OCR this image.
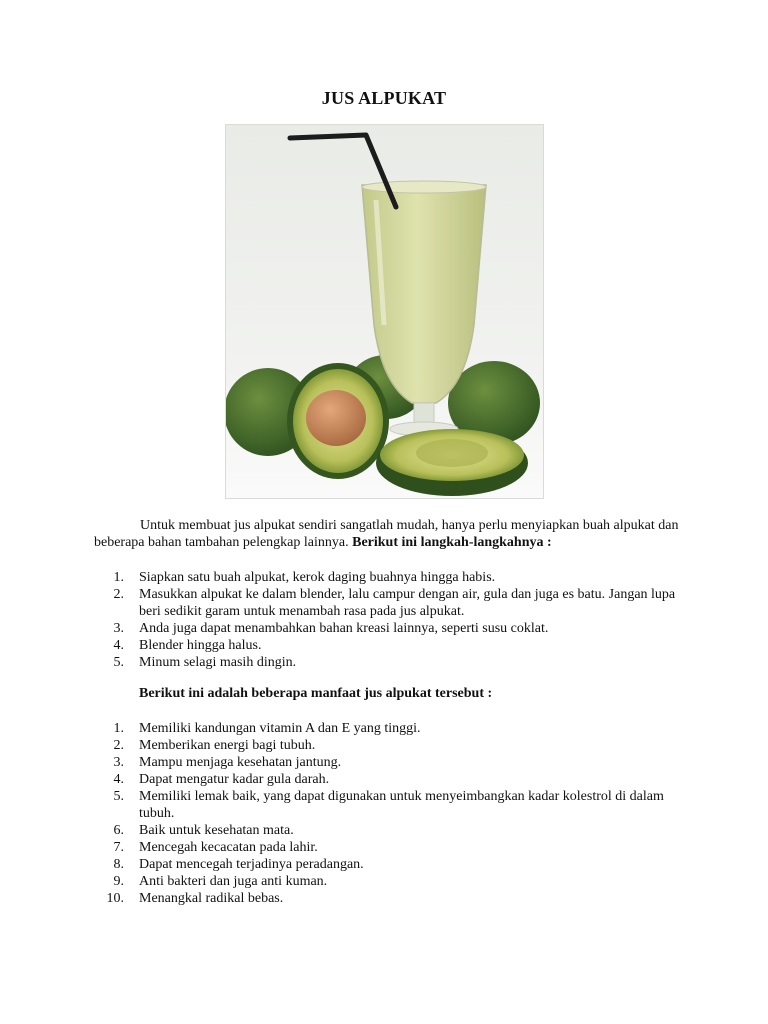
JUS ALPUKAT
Untuk membuat jus alpukat sendiri sangatlah mudah, hanya perlu menyiapkan buah alpukat dan beberapa bahan tambahan pelengkap lainnya. Berikut ini langkah-langkahnya :
1. Siapkan satu buah alpukat, kerok daging buahnya hingga habis.
2. Masukkan alpukat ke dalam blender, lalu campur dengan air, gula dan juga es batu. Jangan lupa beri sedikit garam untuk menambah rasa pada jus alpukat.
3. Anda juga dapat menambahkan bahan kreasi lainnya, seperti susu coklat.
4. Blender hingga halus.
5. Minum selagi masih dingin.
Berikut ini adalah beberapa manfaat jus alpukat tersebut :
1. Memiliki kandungan vitamin A dan E yang tinggi.
2. Memberikan energi bagi tubuh.
3. Mampu menjaga kesehatan jantung.
4. Dapat mengatur kadar gula darah.
5. Memiliki lemak baik, yang dapat digunakan untuk menyeimbangkan kadar kolestrol di dalam tubuh.
6. Baik untuk kesehatan mata.
7. Mencegah kecacatan pada lahir.
8. Dapat mencegah terjadinya peradangan.
9. Anti bakteri dan juga anti kuman.
10. Menangkal radikal bebas.
